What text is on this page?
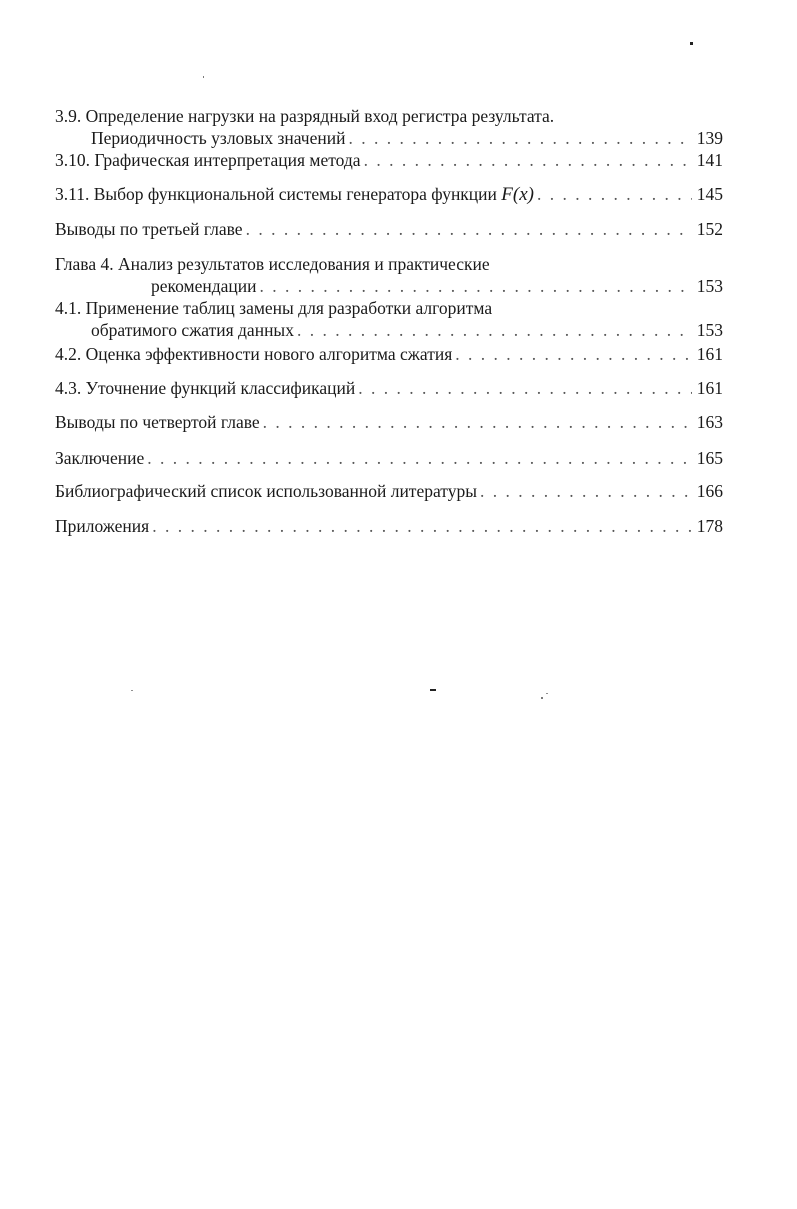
3.9. Определение нагрузки на разрядный вход регистра результата.
Периодичность узловых значений . . .	139
3.10. Графическая интерпретация метода . . .	141
3.11. Выбор функциональной системы генератора функции F(x) . . .	145
Выводы по третьей главе . . .	152
Глава 4. Анализ результатов исследования и практические
рекомендации . . .	153
4.1. Применение таблиц замены для разработки алгоритма
обратимого сжатия данных . . .	153
4.2. Оценка эффективности нового алгоритма сжатия . . .	161
4.3. Уточнение функций классификаций . . .	161
Выводы по четвертой главе . . .	163
Заключение . . .	165
Библиографический список использованной литературы . . .	166
Приложения . . .	178
